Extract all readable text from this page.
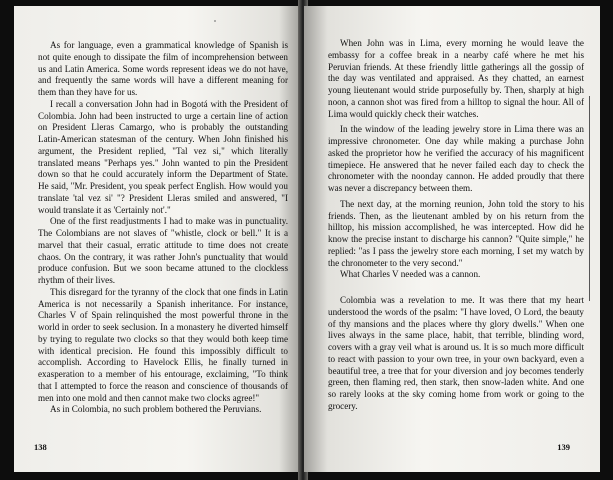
As for language, even a grammatical knowledge of Spanish is not quite enough to dissipate the film of incomprehension between us and Latin America. Some words represent ideas we do not have, and frequently the same words will have a different meaning for them than they have for us.

I recall a conversation John had in Bogotá with the President of Colombia. John had been instructed to urge a certain line of action on President Lleras Camargo, who is probably the outstanding Latin-American statesman of the century. When John finished his argument, the President replied, "Tal vez si," which literally translated means "Perhaps yes." John wanted to pin the President down so that he could accurately inform the Department of State. He said, "Mr. President, you speak perfect English. How would you translate 'tal vez si' "? President Lleras smiled and answered, "I would translate it as 'Certainly not'."

One of the first readjustments I had to make was in punctuality. The Colombians are not slaves of "whistle, clock or bell." It is a marvel that their casual, erratic attitude to time does not create chaos. On the contrary, it was rather John's punctuality that would produce confusion. But we soon became attuned to the clockless rhythm of their lives.

This disregard for the tyranny of the clock that one finds in Latin America is not necessarily a Spanish inheritance. For instance, Charles V of Spain relinquished the most powerful throne in the world in order to seek seclusion. In a monastery he diverted himself by trying to regulate two clocks so that they would both keep time with identical precision. He found this impossibly difficult to accomplish. According to Havelock Ellis, he finally turned in exasperation to a member of his entourage, exclaiming, "To think that I attempted to force the reason and conscience of thousands of men into one mold and then cannot make two clocks agree!"

As in Colombia, no such problem bothered the Peruvians.

138

When John was in Lima, every morning he would leave the embassy for a coffee break in a nearby café where he met his Peruvian friends. At these friendly little gatherings all the gossip of the day was ventilated and appraised. As they chatted, an earnest young lieutenant would stride purposefully by. Then, sharply at high noon, a cannon shot was fired from a hilltop to signal the hour. All of Lima would quickly check their watches.

In the window of the leading jewelry store in Lima there was an impressive chronometer. One day while making a purchase John asked the proprietor how he verified the accuracy of his magnificent timepiece. He answered that he never failed each day to check the chronometer with the noonday cannon. He added proudly that there was never a discrepancy between them.

The next day, at the morning reunion, John told the story to his friends. Then, as the lieutenant ambled by on his return from the hilltop, his mission accomplished, he was intercepted. How did he know the precise instant to discharge his cannon? "Quite simple," he replied: "as I pass the jewelry store each morning, I set my watch by the chronometer to the very second."

What Charles V needed was a cannon.

Colombia was a revelation to me. It was there that my heart understood the words of the psalm: "I have loved, O Lord, the beauty of thy mansions and the places where thy glory dwells." When one lives always in the same place, habit, that terrible, blinding word, covers with a gray veil what is around us. It is so much more difficult to react with passion to your own tree, in your own backyard, even a beautiful tree, a tree that for your diversion and joy becomes tenderly green, then flaming red, then stark, then snow-laden white. And one so rarely looks at the sky coming home from work or going to the grocery.

139
